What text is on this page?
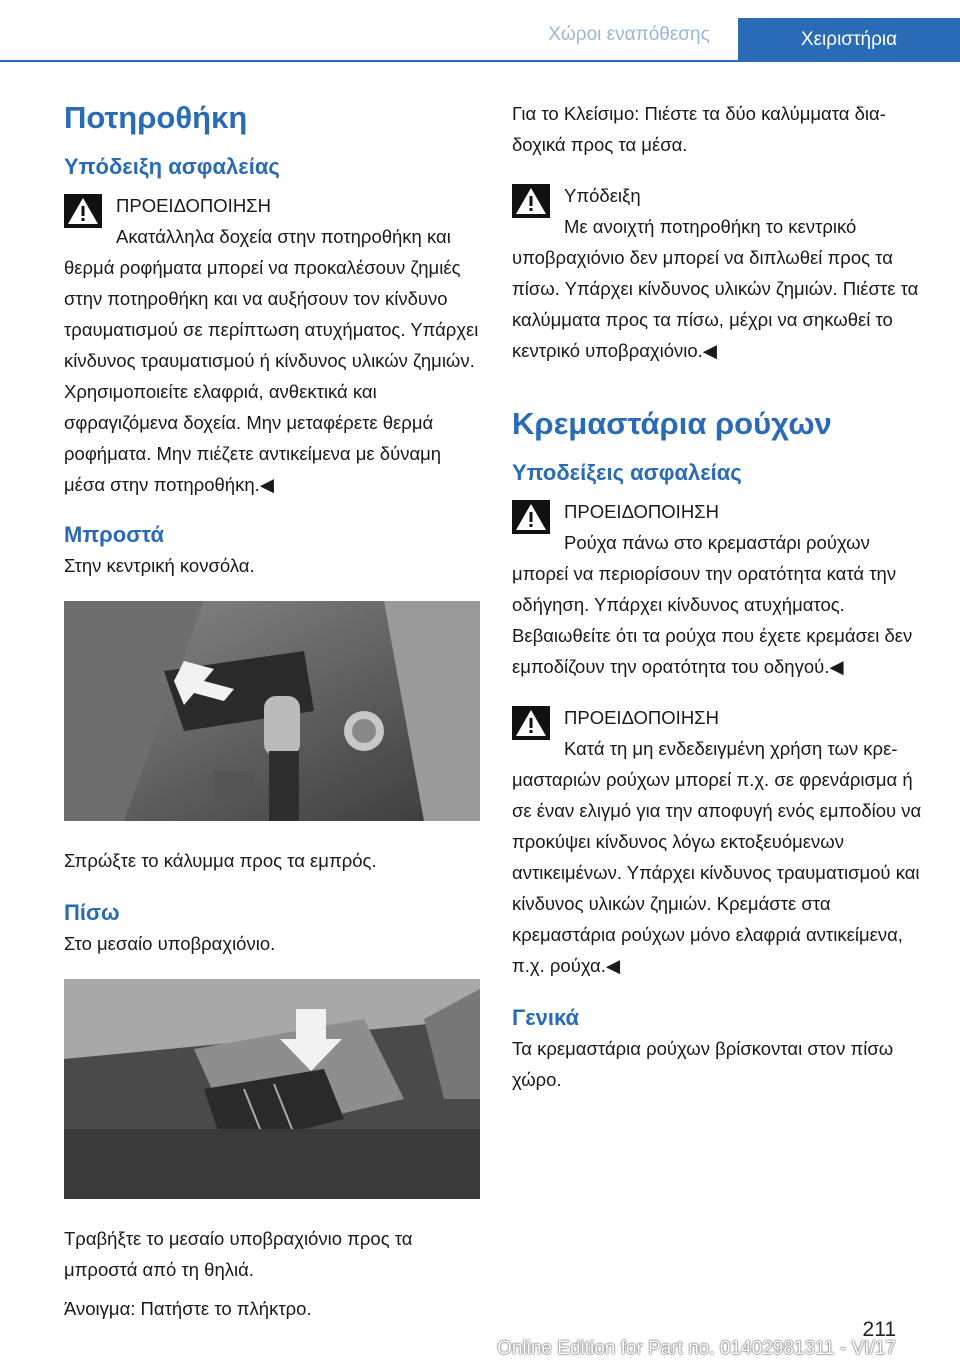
Χώροι εναπόθεσης	Χειριστήρια
Ποτηροθήκη
Υπόδειξη ασφαλείας

ΠΡΟΕΙΔΟΠΟΙΗΣΗ
Ακατάλληλα δοχεία στην ποτηροθήκη και θερμά ροφήματα μπορεί να προκαλέσουν ζημιές στην ποτηροθήκη και να αυξήσουν τον κίνδυνο τραυματισμού σε περίπτωση ατυχήματος. Υπάρχει κίνδυνος τραυματισμού ή κίνδυνος υλικών ζημιών. Χρησιμοποιείτε ελαφριά, ανθεκτικά και σφραγιζόμενα δοχεία. Μην μεταφέρετε θερμά ροφήματα. Μην πιέζετε αντικείμενα με δύναμη μέσα στην ποτηροθήκη.◀

Μπροστά

Στην κεντρική κονσόλα.

Σπρώξτε το κάλυμμα προς τα εμπρός.

Πίσω

Στο μεσαίο υποβραχιόνιο.

Τραβήξτε το μεσαίο υποβραχιόνιο προς τα μπροστά από τη θηλιά.

Άνοιγμα: Πατήστε το πλήκτρο.

Για το Κλείσιμο: Πιέστε τα δύο καλύμματα διαδοχικά προς τα μέσα.

Υπόδειξη
Με ανοιχτή ποτηροθήκη το κεντρικό υποβραχιόνιο δεν μπορεί να διπλωθεί προς τα πίσω. Υπάρχει κίνδυνος υλικών ζημιών. Πιέστε τα καλύμματα προς τα πίσω, μέχρι να σηκωθεί το κεντρικό υποβραχιόνιο.◀

Κρεμαστάρια ρούχων
Υποδείξεις ασφαλείας

ΠΡΟΕΙΔΟΠΟΙΗΣΗ
Ρούχα πάνω στο κρεμαστάρι ρούχων μπορεί να περιορίσουν την ορατότητα κατά την οδήγηση. Υπάρχει κίνδυνος ατυχήματος. Βεβαιωθείτε ότι τα ρούχα που έχετε κρεμάσει δεν εμποδίζουν την ορατότητα του οδηγού.◀

ΠΡΟΕΙΔΟΠΟΙΗΣΗ
Κατά τη μη ενδεδειγμένη χρήση των κρεμασταριών ρούχων μπορεί π.χ. σε φρενάρισμα ή σε έναν ελιγμό για την αποφυγή ενός εμποδίου να προκύψει κίνδυνος λόγω εκτοξευόμενων αντικειμένων. Υπάρχει κίνδυνος τραυματισμού και κίνδυνος υλικών ζημιών. Κρεμάστε στα κρεμαστάρια ρούχων μόνο ελαφριά αντικείμενα, π.χ. ρούχα.◀

Γενικά

Τα κρεμαστάρια ρούχων βρίσκονται στον πίσω χώρο.

211
Online Edition for Part no. 01402981311 - VI/17
